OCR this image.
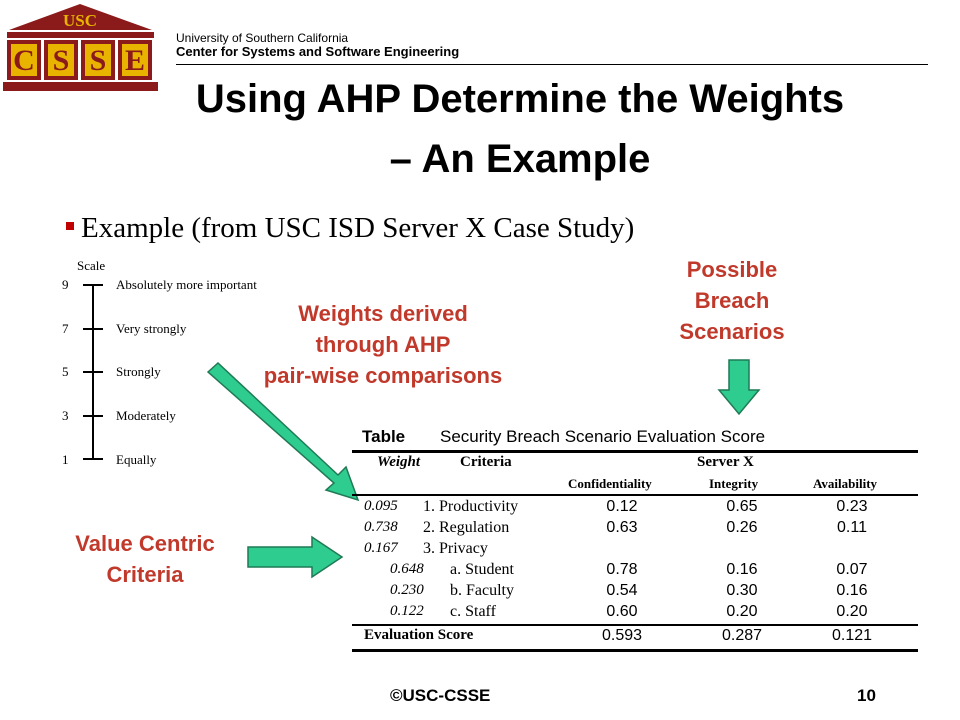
USC
C S S E
University of Southern California
Center for Systems and Software Engineering
Using AHP Determine the Weights
– An Example
Example (from USC ISD Server X Case Study)
Scale
9	Absolutely more important
7	Very strongly
5	Strongly
3	Moderately
1	Equally
Weights derived
through AHP
pair-wise comparisons
Possible
Breach
Scenarios
Value Centric
Criteria
Table Security Breach Scenario Evaluation Score
Weight	Criteria	Server X
Confidentiality	Integrity	Availability
0.095 1. Productivity	0.12	0.65	0.23
0.738 2. Regulation	0.63	0.26	0.11
0.167 3. Privacy
0.648 a. Student	0.78	0.16	0.07
0.230 b. Faculty	0.54	0.30	0.16
0.122 c. Staff	0.60	0.20	0.20
Evaluation Score	0.593	0.287	0.121
©USC-CSSE	10
